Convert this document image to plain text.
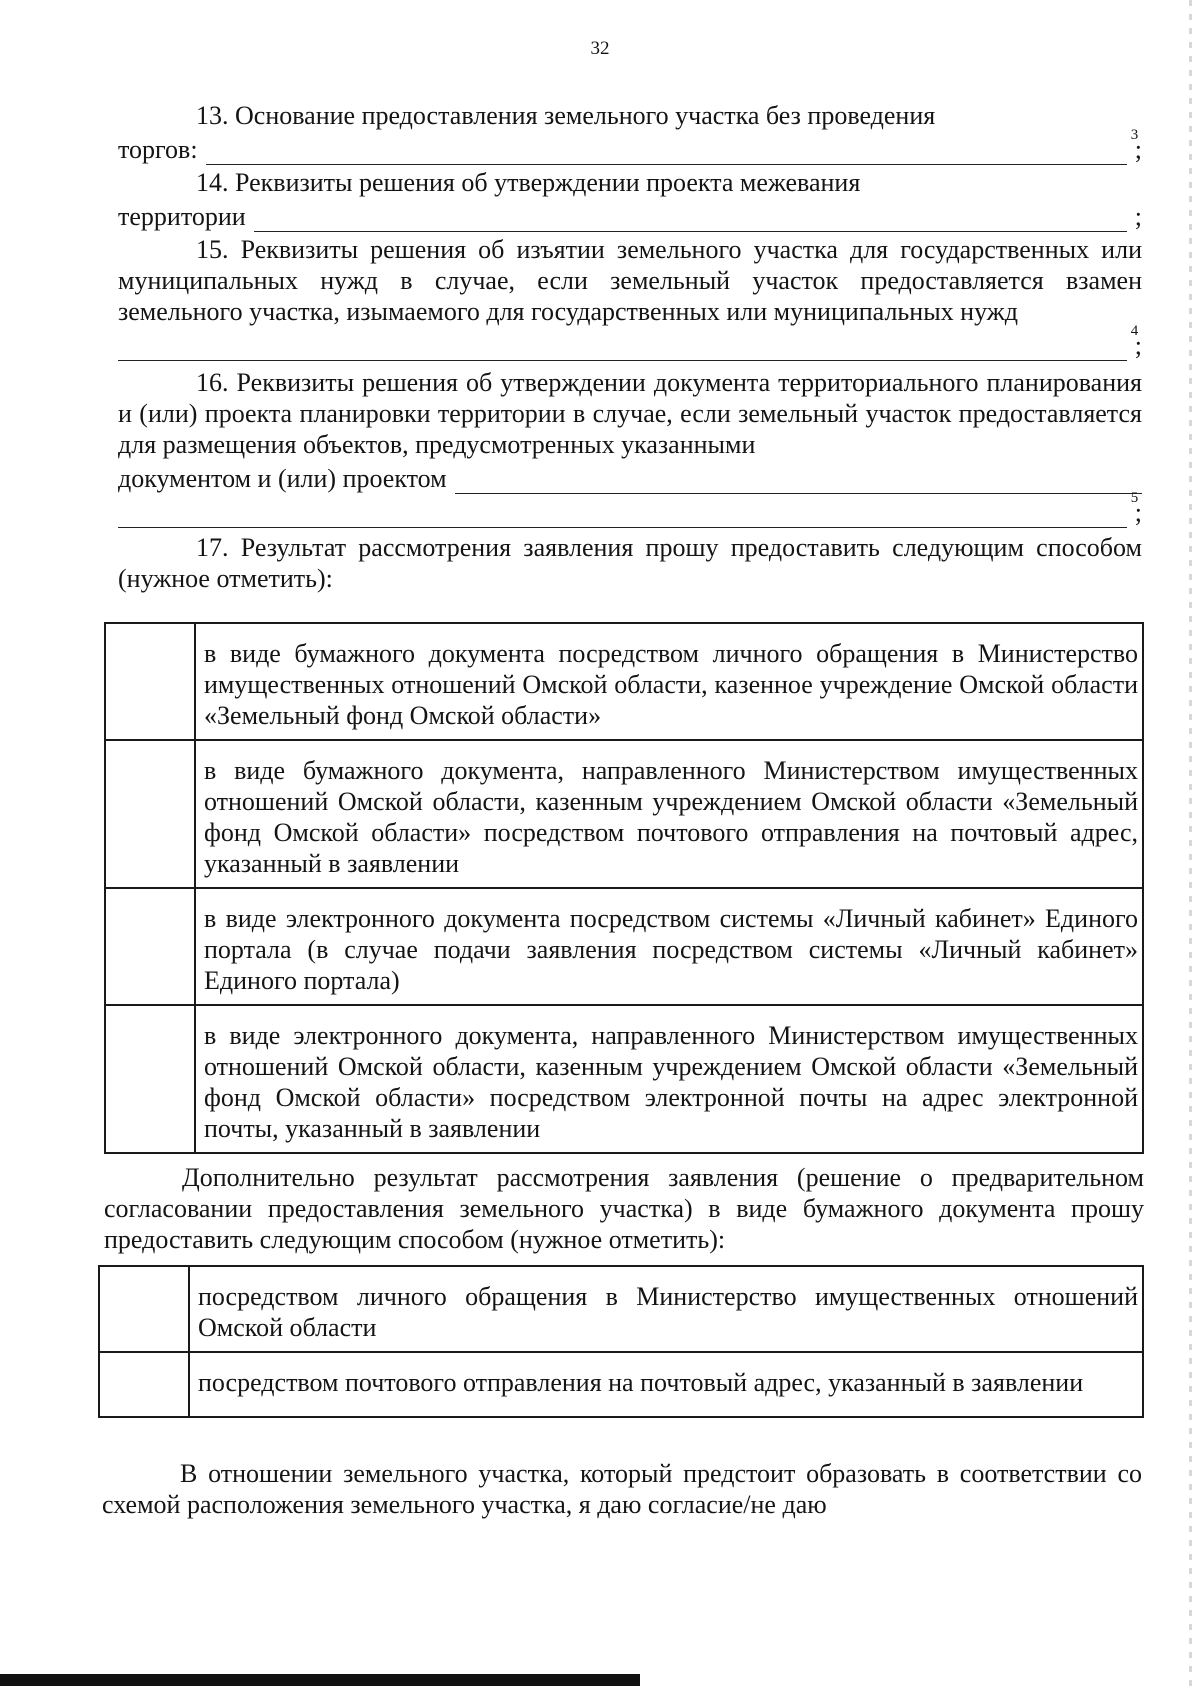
32
13. Основание предоставления земельного участка без проведения
торгов:	3
;
14. Реквизиты решения об утверждении проекта межевания
территории	;
15. Реквизиты решения об изъятии земельного участка для государственных или муниципальных нужд в случае, если земельный участок предоставляется взамен земельного участка, изымаемого для государственных или муниципальных нужд
4
;
16. Реквизиты решения об утверждении документа территориального планирования и (или) проекта планировки территории в случае, если земельный участок предоставляется для размещения объектов, предусмотренных указанными
документом и (или) проектом
5
;
17. Результат рассмотрения заявления прошу предоставить следующим способом (нужное отметить):
	в виде бумажного документа посредством личного обращения в Министерство имущественных отношений Омской области, казенное учреждение Омской области «Земельный фонд Омской области»
	в виде бумажного документа, направленного Министерством имущественных отношений Омской области, казенным учреждением Омской области «Земельный фонд Омской области» посредством почтового отправления на почтовый адрес, указанный в заявлении
	в виде электронного документа посредством системы «Личный кабинет» Единого портала (в случае подачи заявления посредством системы «Личный кабинет» Единого портала)
	в виде электронного документа, направленного Министерством имущественных отношений Омской области, казенным учреждением Омской области «Земельный фонд Омской области» посредством электронной почты на адрес электронной почты, указанный в заявлении
Дополнительно результат рассмотрения заявления (решение о предварительном согласовании предоставления земельного участка) в виде бумажного документа прошу предоставить следующим способом (нужное отметить):
	посредством личного обращения в Министерство имущественных отношений Омской области
	посредством почтового отправления на почтовый адрес, указанный в заявлении
В отношении земельного участка, который предстоит образовать в соответствии со схемой расположения земельного участка, я даю согласие/не даю
